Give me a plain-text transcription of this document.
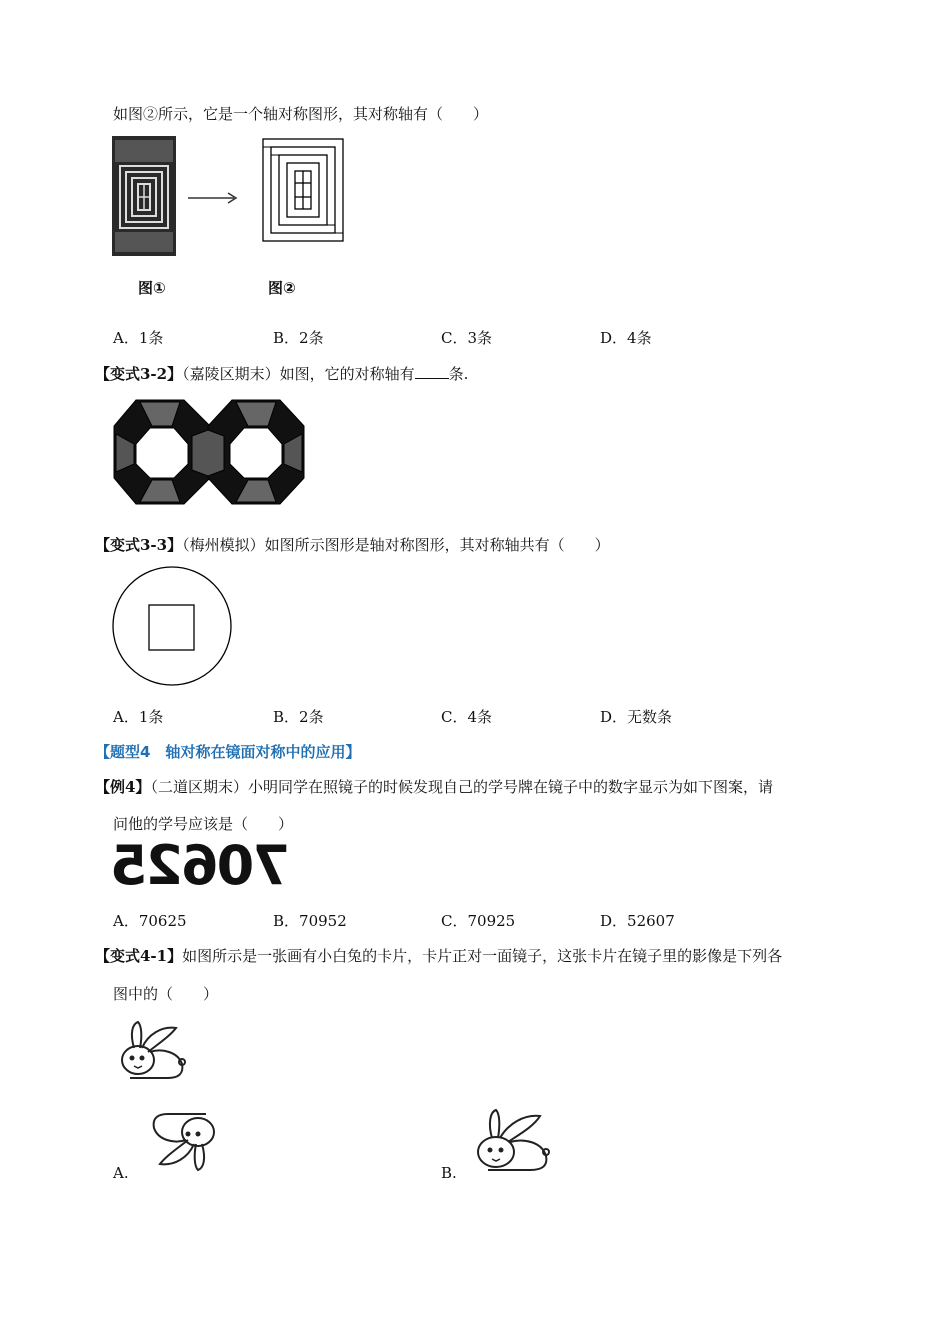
如图②所示，它是一个轴对称图形，其对称轴有（　　）
图①	图②
A．1条	B．2条	C．3条	D．4条
【变式3-2】（嘉陵区期末）如图，它的对称轴有 条.
【变式3-3】（梅州模拟）如图所示图形是轴对称图形，其对称轴共有（　　）
A．1条	B．2条	C．4条	D．无数条
【题型4　轴对称在镜面对称中的应用】
【例4】（二道区期末）小明同学在照镜子的时候发现自己的学号牌在镜子中的数字显示为如下图案，请
问他的学号应该是（　　）
70625
A．70625	B．70952	C．70925	D．52607
【变式4-1】如图所示是一张画有小白兔的卡片，卡片正对一面镜子，这张卡片在镜子里的影像是下列各
图中的（　　）
A.	B.
